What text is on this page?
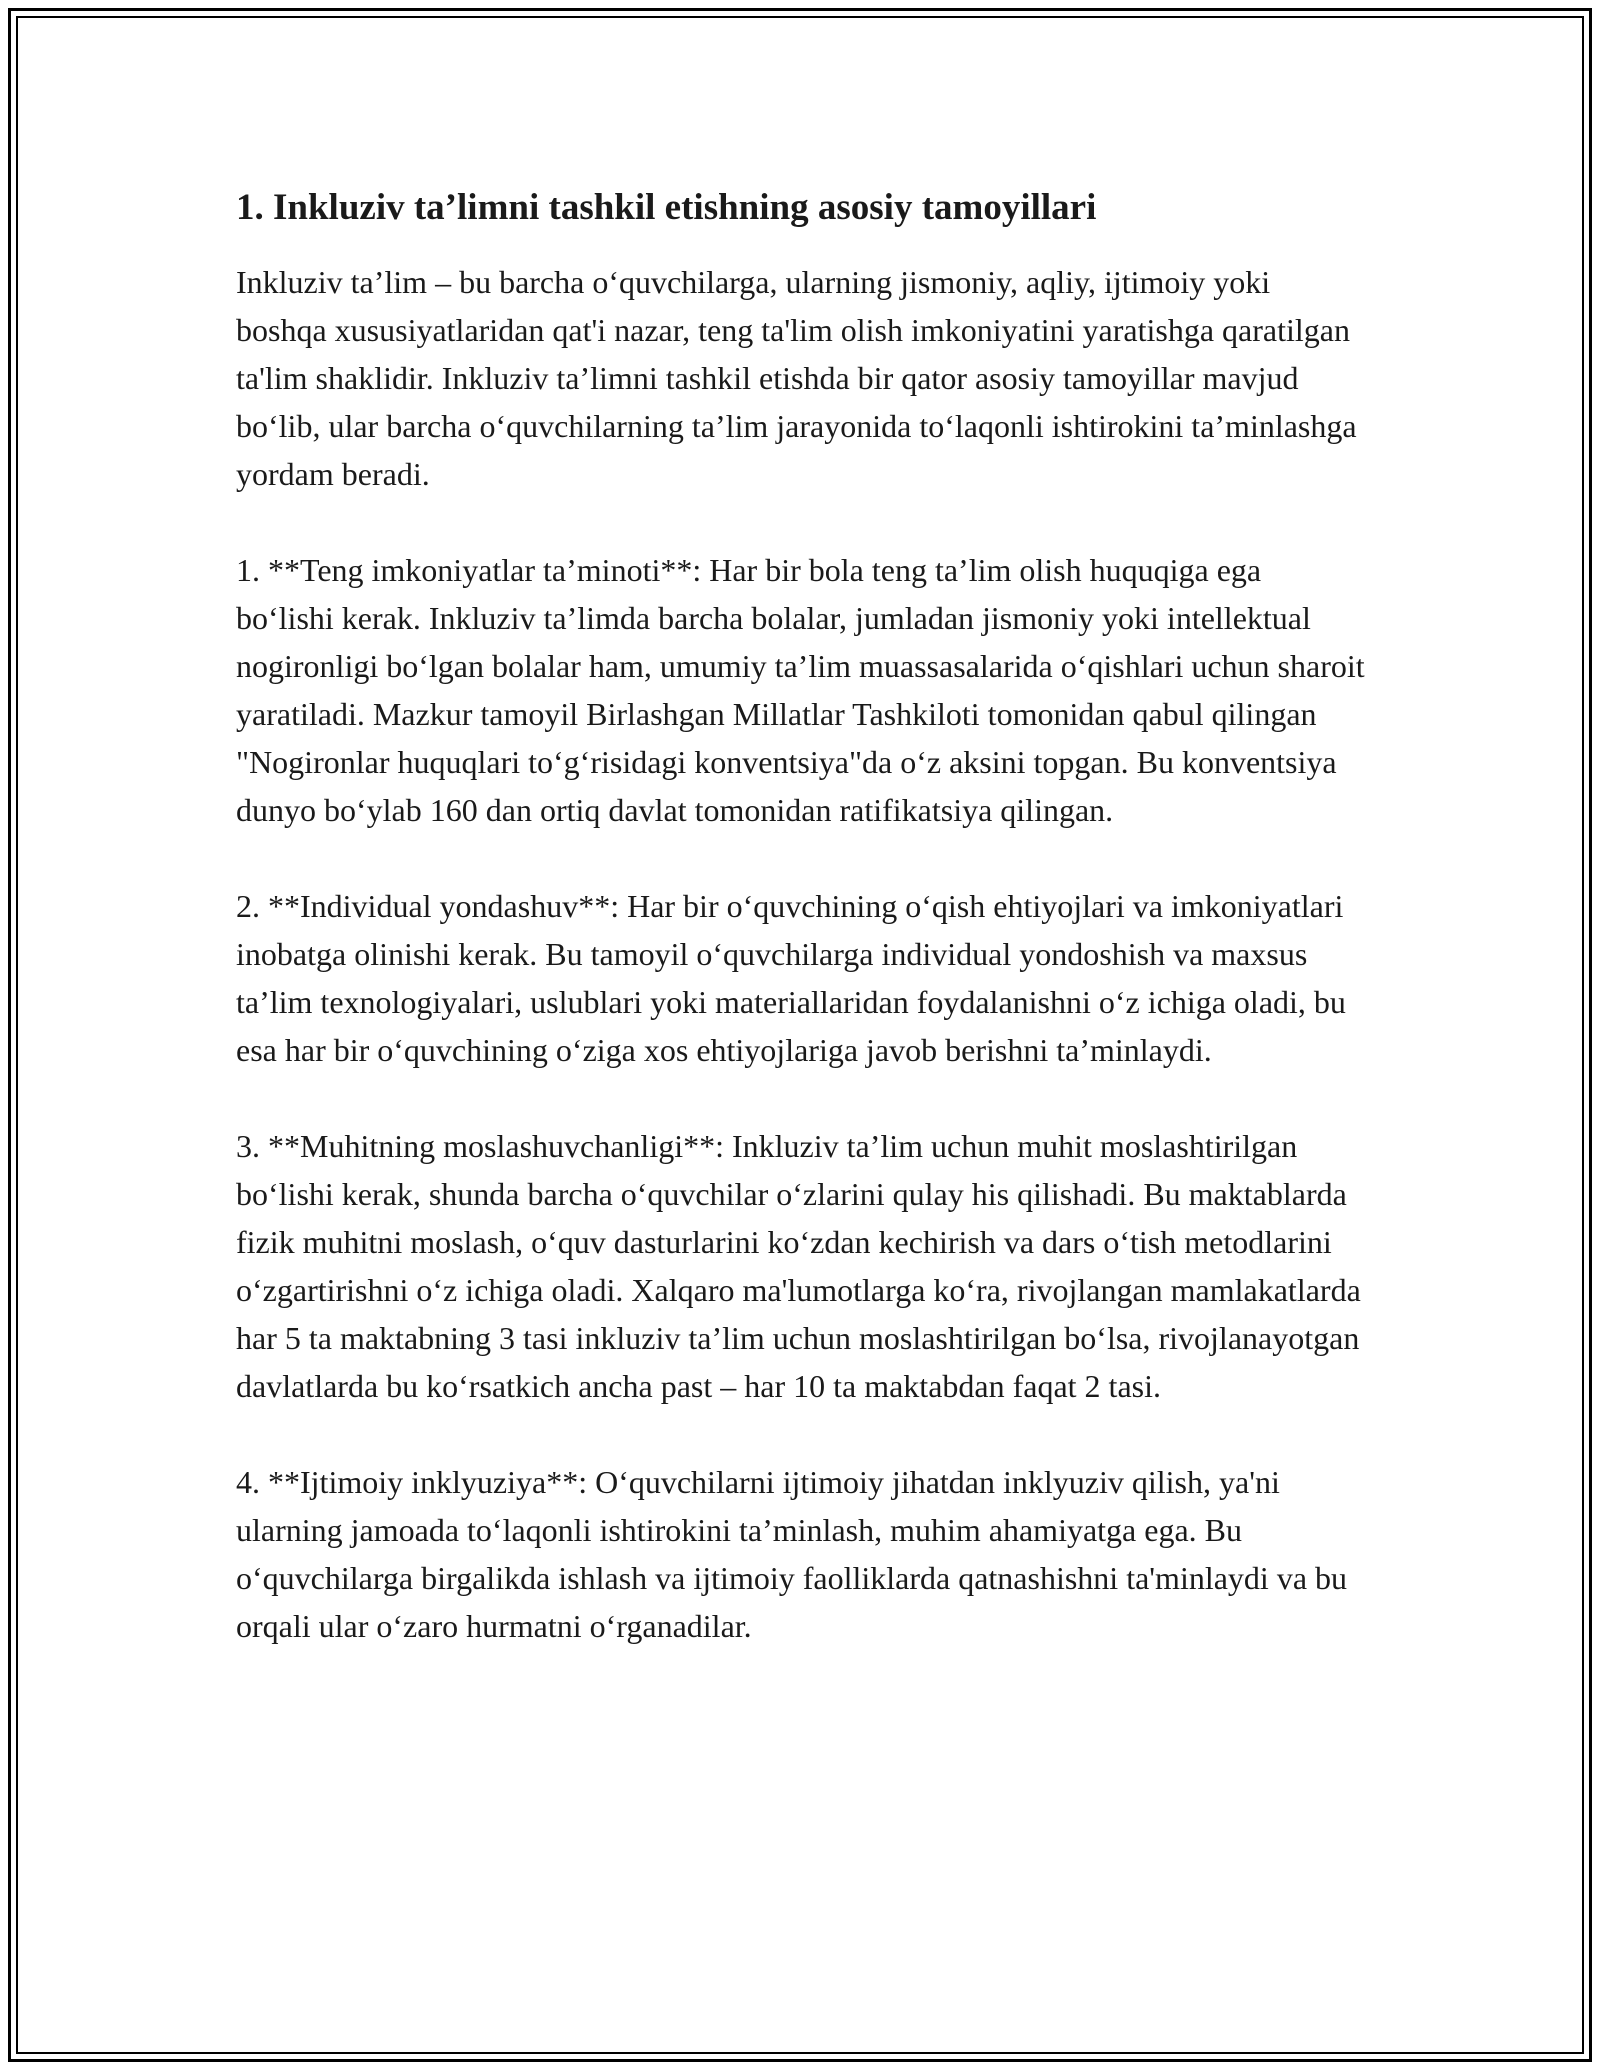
1. Inkluziv ta’limni tashkil etishning asosiy tamoyillari

Inkluziv ta’lim – bu barcha o‘quvchilarga, ularning jismoniy, aqliy, ijtimoiy yoki boshqa xususiyatlaridan qat'i nazar, teng ta'lim olish imkoniyatini yaratishga qaratilgan ta'lim shaklidir. Inkluziv ta’limni tashkil etishda bir qator asosiy tamoyillar mavjud bo‘lib, ular barcha o‘quvchilarning ta’lim jarayonida to‘laqonli ishtirokini ta’minlashga yordam beradi.

1. **Teng imkoniyatlar ta’minoti**: Har bir bola teng ta’lim olish huquqiga ega bo‘lishi kerak. Inkluziv ta’limda barcha bolalar, jumladan jismoniy yoki intellektual nogironligi bo‘lgan bolalar ham, umumiy ta’lim muassasalarida o‘qishlari uchun sharoit yaratiladi. Mazkur tamoyil Birlashgan Millatlar Tashkiloti tomonidan qabul qilingan "Nogironlar huquqlari to‘g‘risidagi konventsiya"da o‘z aksini topgan. Bu konventsiya dunyo bo‘ylab 160 dan ortiq davlat tomonidan ratifikatsiya qilingan.

2. **Individual yondashuv**: Har bir o‘quvchining o‘qish ehtiyojlari va imkoniyatlari inobatga olinishi kerak. Bu tamoyil o‘quvchilarga individual yondoshish va maxsus ta’lim texnologiyalari, uslublari yoki materiallaridan foydalanishni o‘z ichiga oladi, bu esa har bir o‘quvchining o‘ziga xos ehtiyojlariga javob berishni ta’minlaydi.

3. **Muhitning moslashuvchanligi**: Inkluziv ta’lim uchun muhit moslashtirilgan bo‘lishi kerak, shunda barcha o‘quvchilar o‘zlarini qulay his qilishadi. Bu maktablarda fizik muhitni moslash, o‘quv dasturlarini ko‘zdan kechirish va dars o‘tish metodlarini o‘zgartirishni o‘z ichiga oladi. Xalqaro ma'lumotlarga ko‘ra, rivojlangan mamlakatlarda har 5 ta maktabning 3 tasi inkluziv ta’lim uchun moslashtirilgan bo‘lsa, rivojlanayotgan davlatlarda bu ko‘rsatkich ancha past – har 10 ta maktabdan faqat 2 tasi.

4. **Ijtimoiy inklyuziya**: O‘quvchilarni ijtimoiy jihatdan inklyuziv qilish, ya'ni ularning jamoada to‘laqonli ishtirokini ta’minlash, muhim ahamiyatga ega. Bu o‘quvchilarga birgalikda ishlash va ijtimoiy faolliklarda qatnashishni ta'minlaydi va bu orqali ular o‘zaro hurmatni o‘rganadilar.
